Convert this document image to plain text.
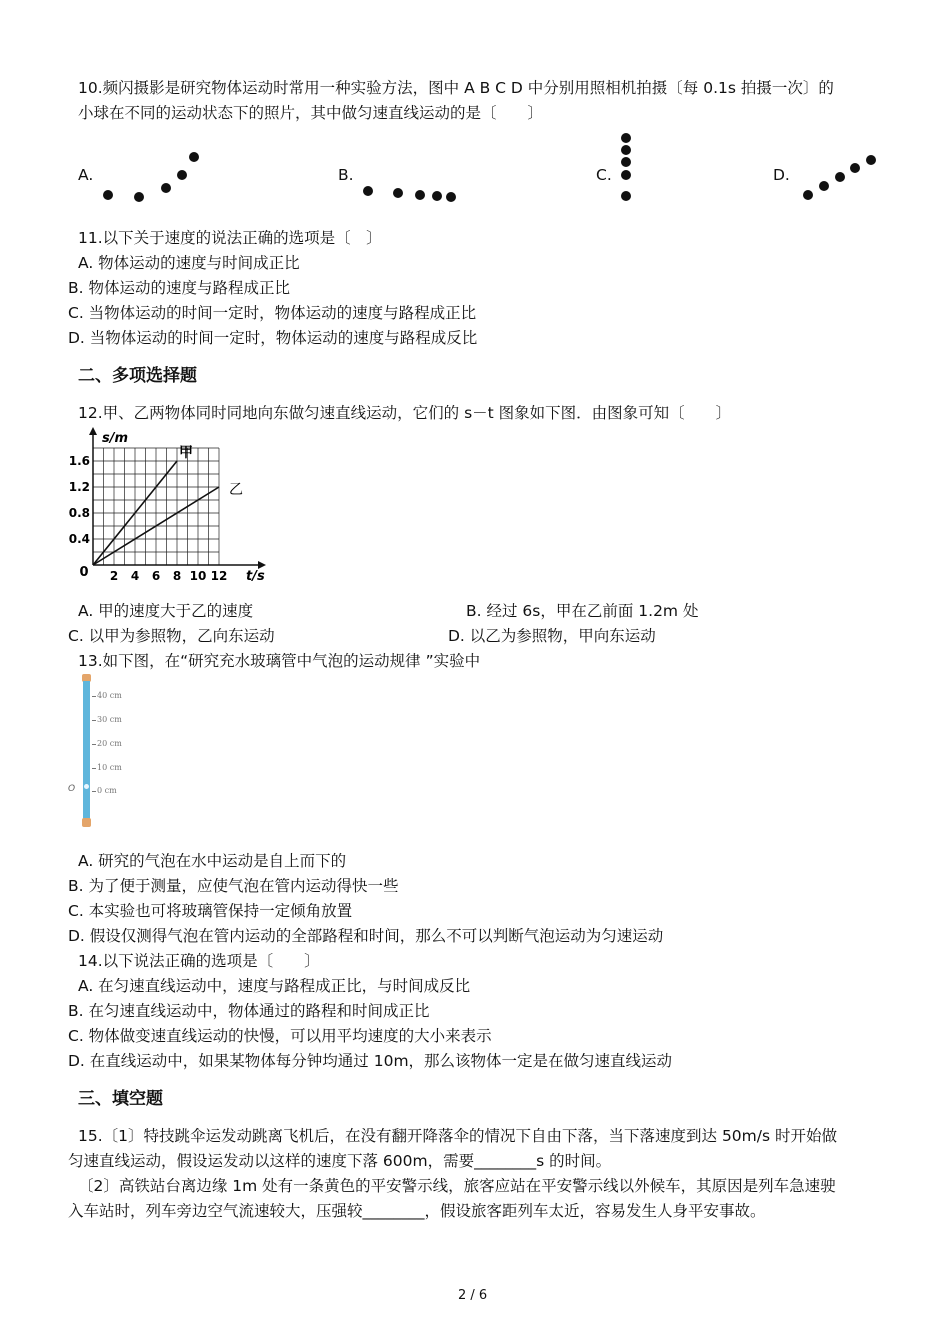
10.频闪摄影是研究物体运动时常用一种实验方法，图中 A B C D 中分别用照相机拍摄〔每 0.1s 拍摄一次〕的
小球在不同的运动状态下的照片，其中做匀速直线运动的是〔　　〕
A.	B.	C.	D.
11.以下关于速度的说法正确的选项是〔　〕
A. 物体运动的速度与时间成正比
B. 物体运动的速度与路程成正比
C. 当物体运动的时间一定时，物体运动的速度与路程成正比
D. 当物体运动的时间一定时，物体运动的速度与路程成反比
二、多项选择题
12.甲、乙两物体同时同地向东做匀速直线运动，它们的 s－t 图象如下图．由图象可知〔　　〕
s/m
t/s
0
0.4
0.8
1.2
1.6
2 4 6 8 10 12
甲
乙
A. 甲的速度大于乙的速度	B. 经过 6s，甲在乙前面 1.2m 处
C. 以甲为参照物，乙向东运动	D. 以乙为参照物，甲向东运动
13.如下图，在“研究充水玻璃管中气泡的运动规律 ”实验中
O
40 cm
30 cm
20 cm
10 cm
0 cm
A. 研究的气泡在水中运动是自上而下的
B. 为了便于测量，应使气泡在管内运动得快一些
C. 本实验也可将玻璃管保持一定倾角放置
D. 假设仅测得气泡在管内运动的全部路程和时间，那么不可以判断气泡运动为匀速运动
14.以下说法正确的选项是〔　　〕
A. 在匀速直线运动中，速度与路程成正比，与时间成反比
B. 在匀速直线运动中，物体通过的路程和时间成正比
C. 物体做变速直线运动的快慢，可以用平均速度的大小来表示
D. 在直线运动中，如果某物体每分钟均通过 10m，那么该物体一定是在做匀速直线运动
三、填空题
15.〔1〕特技跳伞运发动跳离飞机后，在没有翻开降落伞的情况下自由下落，当下落速度到达 50m/s 时开始做
匀速直线运动，假设运发动以这样的速度下落 600m，需要________s 的时间。
〔2〕高铁站台离边缘 1m 处有一条黄色的平安警示线，旅客应站在平安警示线以外候车，其原因是列车急速驶
入车站时，列车旁边空气流速较大，压强较________，假设旅客距列车太近，容易发生人身平安事故。
2 / 6
